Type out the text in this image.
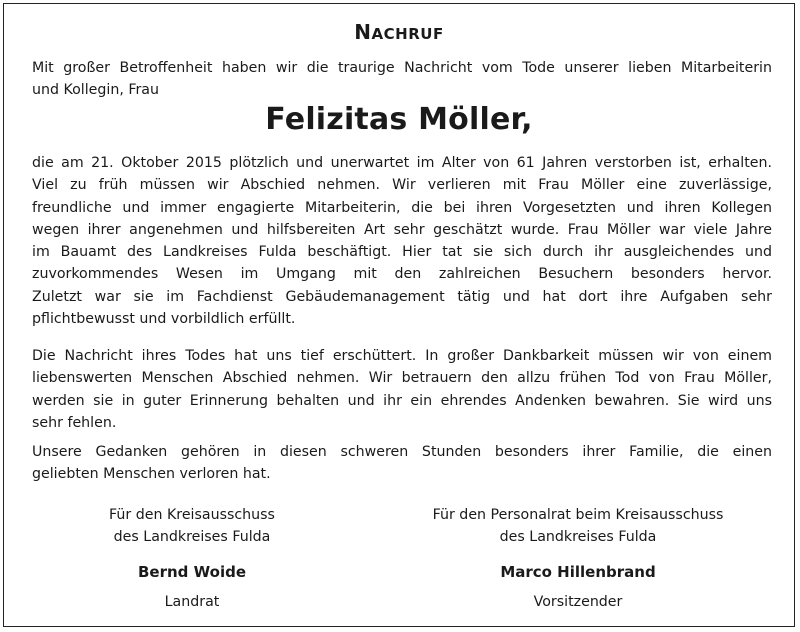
NACHRUF
Mit großer Betroffenheit haben wir die traurige Nachricht vom Tode unserer lieben Mitarbeiterin
und Kollegin, Frau
Felizitas Möller,
die am 21. Oktober 2015 plötzlich und unerwartet im Alter von 61 Jahren verstorben ist, erhalten.
Viel zu früh müssen wir Abschied nehmen. Wir verlieren mit Frau Möller eine zuverlässige,
freundliche und immer engagierte Mitarbeiterin, die bei ihren Vorgesetzten und ihren Kollegen
wegen ihrer angenehmen und hilfsbereiten Art sehr geschätzt wurde. Frau Möller war viele Jahre
im Bauamt des Landkreises Fulda beschäftigt. Hier tat sie sich durch ihr ausgleichendes und
zuvorkommendes Wesen im Umgang mit den zahlreichen Besuchern besonders hervor.
Zuletzt war sie im Fachdienst Gebäudemanagement tätig und hat dort ihre Aufgaben sehr
pflichtbewusst und vorbildlich erfüllt.
Die Nachricht ihres Todes hat uns tief erschüttert. In großer Dankbarkeit müssen wir von einem
liebenswerten Menschen Abschied nehmen. Wir betrauern den allzu frühen Tod von Frau Möller,
werden sie in guter Erinnerung behalten und ihr ein ehrendes Andenken bewahren. Sie wird uns
sehr fehlen.
Unsere Gedanken gehören in diesen schweren Stunden besonders ihrer Familie, die einen
geliebten Menschen verloren hat.
Für den Kreisausschuss
des Landkreises Fulda
Bernd Woide
Landrat
Für den Personalrat beim Kreisausschuss
des Landkreises Fulda
Marco Hillenbrand
Vorsitzender
